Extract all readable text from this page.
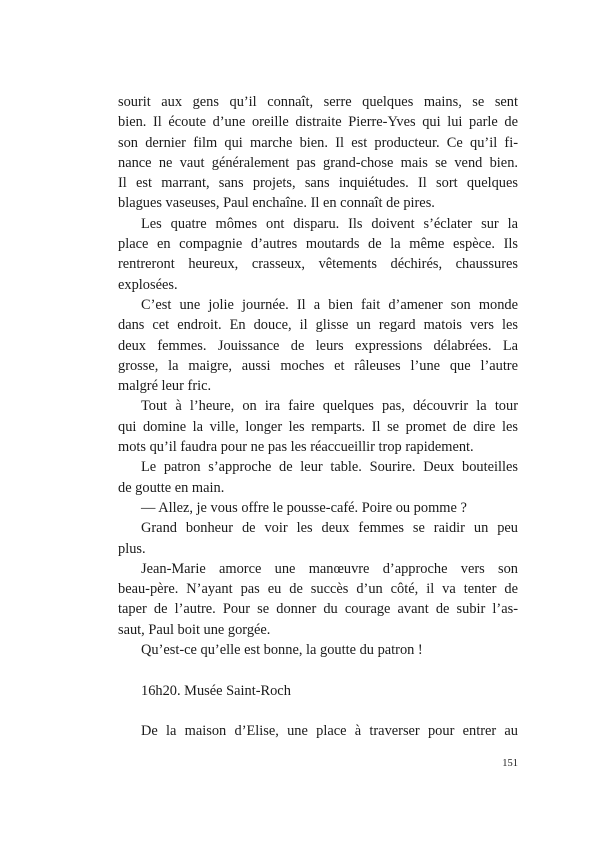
sourit aux gens qu’il connaît, serre quelques mains, se sent
bien. Il écoute d’une oreille distraite Pierre-Yves qui lui parle de
son dernier film qui marche bien. Il est producteur. Ce qu’il fi-
nance ne vaut généralement pas grand-chose mais se vend bien.
Il est marrant, sans projets, sans inquiétudes. Il sort quelques
blagues vaseuses, Paul enchaîne. Il en connaît de pires.
Les quatre mômes ont disparu. Ils doivent s’éclater sur la
place en compagnie d’autres moutards de la même espèce. Ils
rentreront heureux, crasseux, vêtements déchirés, chaussures
explosées.
C’est une jolie journée. Il a bien fait d’amener son monde
dans cet endroit. En douce, il glisse un regard matois vers les
deux femmes. Jouissance de leurs expressions délabrées. La
grosse, la maigre, aussi moches et râleuses l’une que l’autre
malgré leur fric.
Tout à l’heure, on ira faire quelques pas, découvrir la tour
qui domine la ville, longer les remparts. Il se promet de dire les
mots qu’il faudra pour ne pas les réaccueillir trop rapidement.
Le patron s’approche de leur table. Sourire. Deux bouteilles
de goutte en main.
— Allez, je vous offre le pousse-café. Poire ou pomme ?
Grand bonheur de voir les deux femmes se raidir un peu
plus.
Jean-Marie amorce une manœuvre d’approche vers son
beau-père. N’ayant pas eu de succès d’un côté, il va tenter de
taper de l’autre. Pour se donner du courage avant de subir l’as-
saut, Paul boit une gorgée.
Qu’est-ce qu’elle est bonne, la goutte du patron !
16h20. Musée Saint-Roch
De la maison d’Elise, une place à traverser pour entrer au
151
